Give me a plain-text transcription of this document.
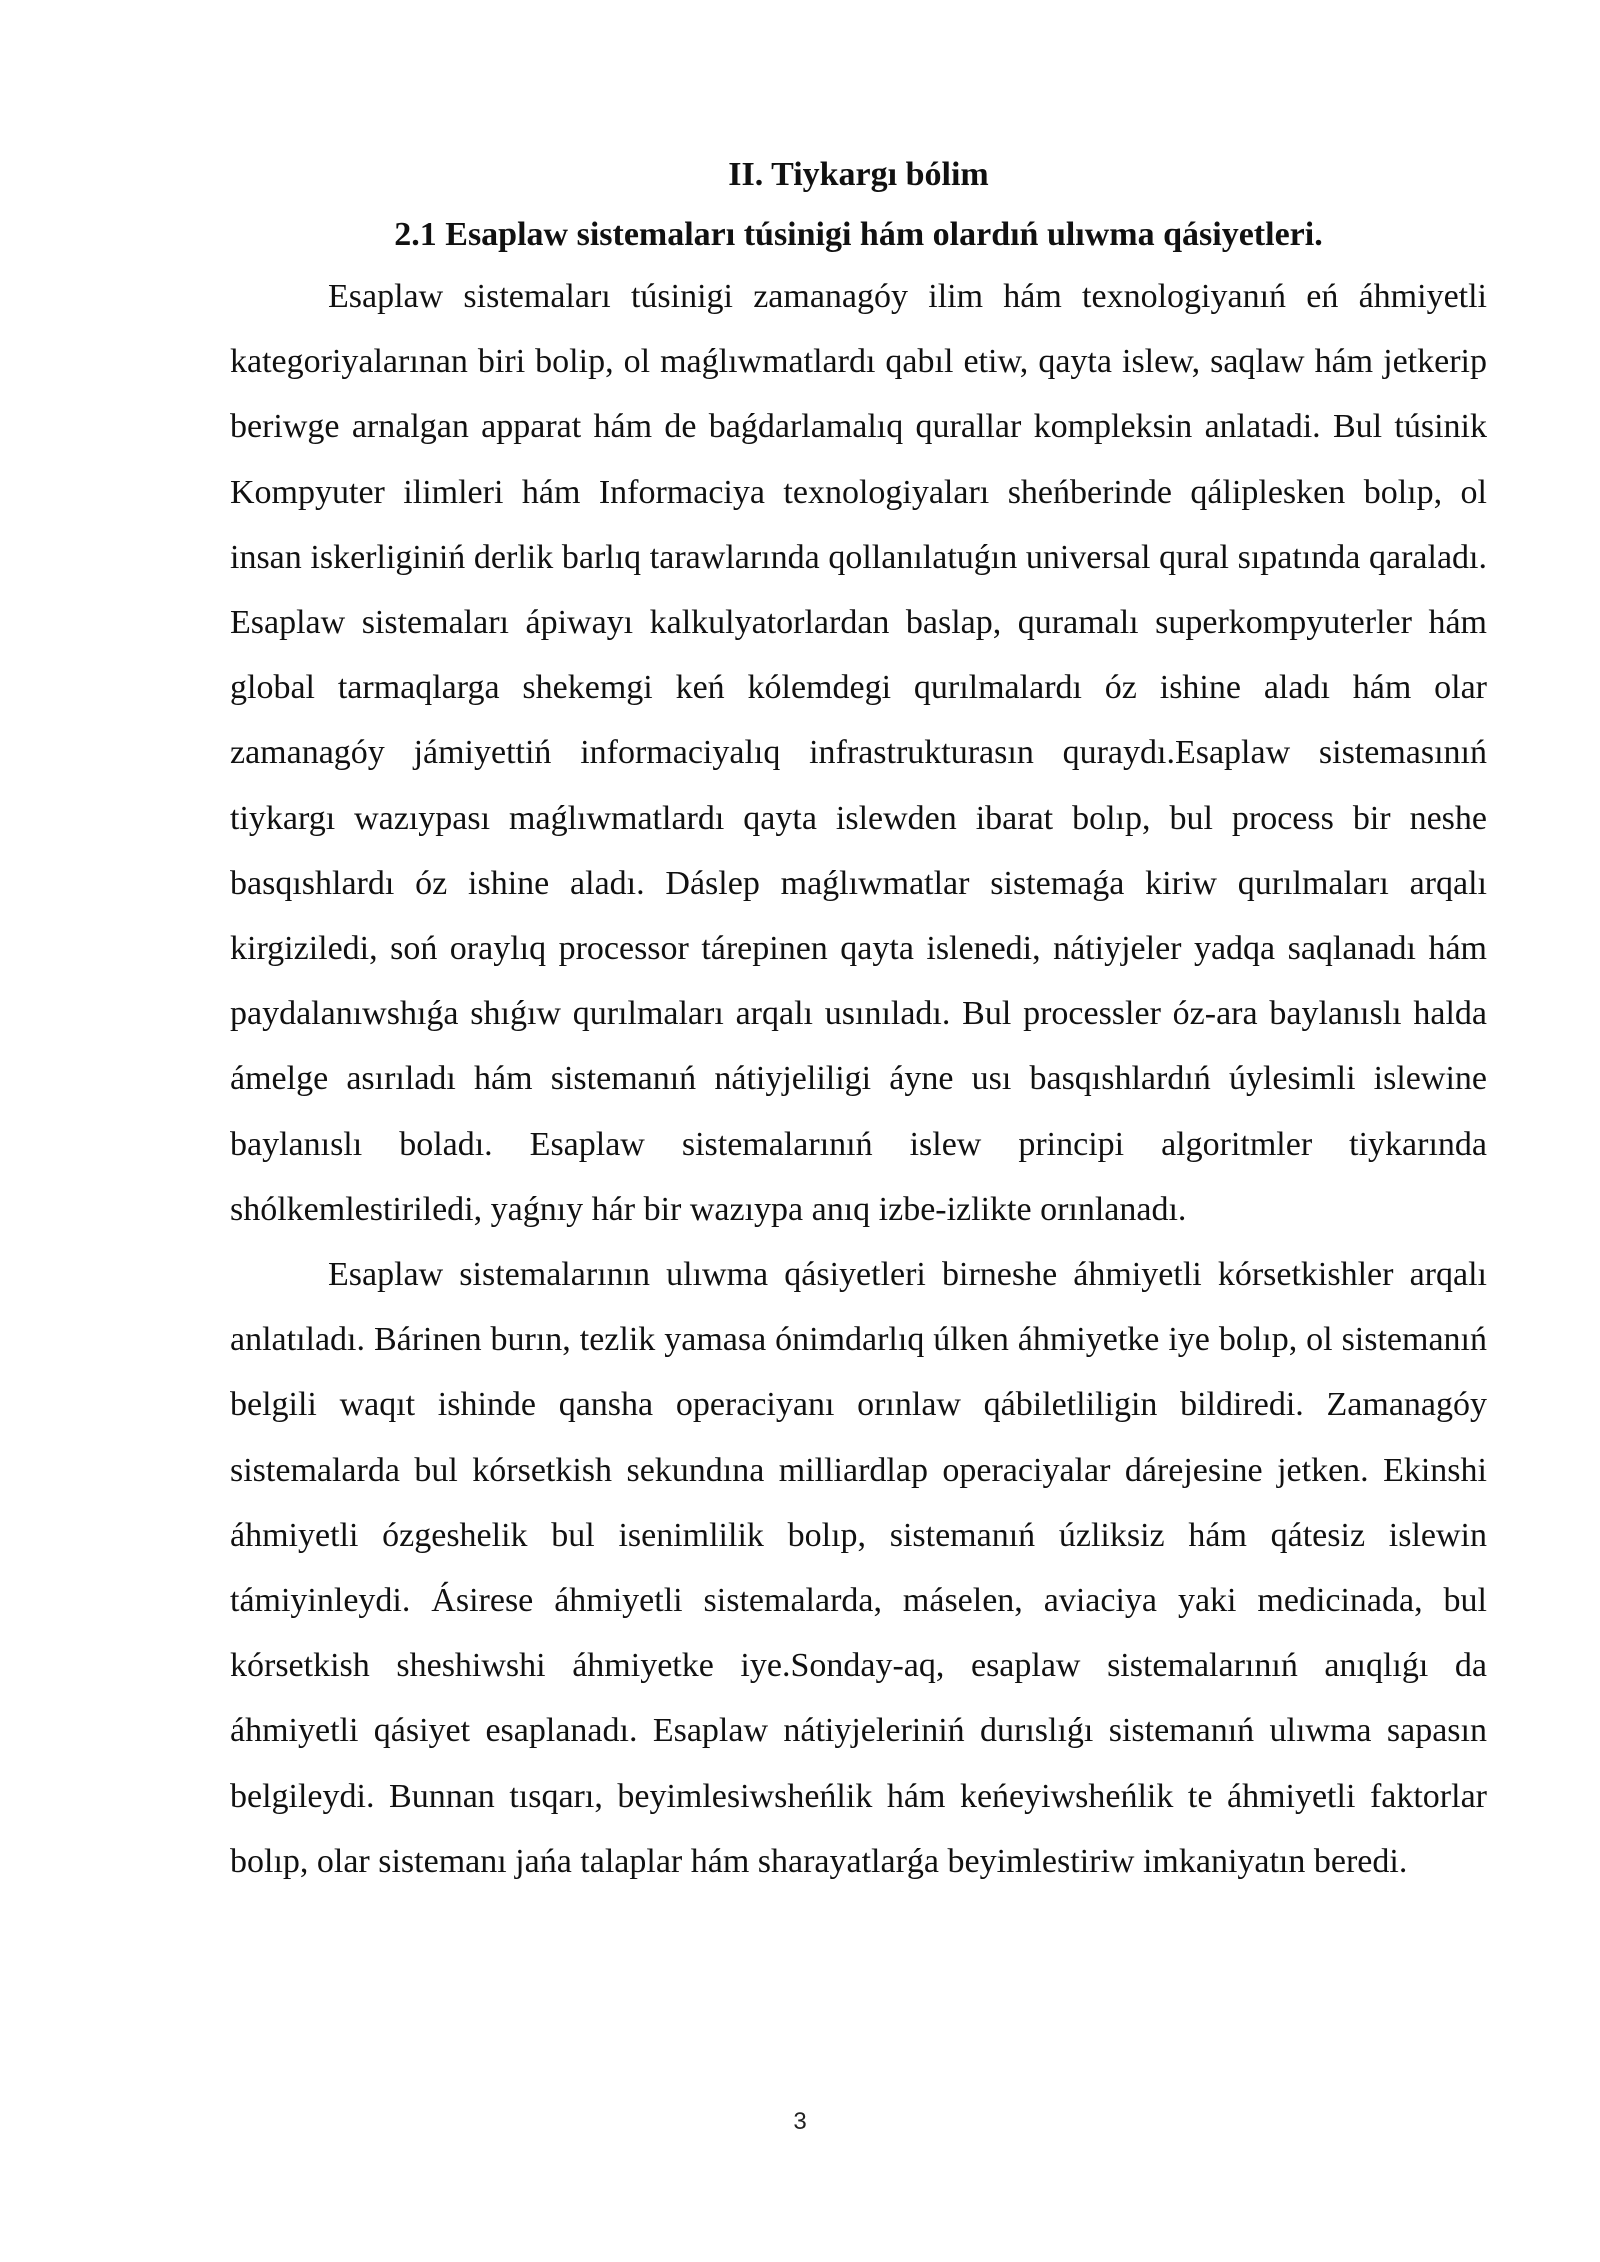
II. Tiykargı bólim

2.1 Esaplaw sistemaları túsinigi hám olardıń ulıwma qásiyetleri.

Esaplaw sistemaları túsinigi zamanagóy ilim hám texnologiyanıń eń áhmiyetli kategoriyalarınan biri bolip, ol maǵlıwmatlardı qabıl etiw, qayta islew, saqlaw hám jetkerip beriwge arnalgan apparat hám de baǵdarlamalıq qurallar kompleksin anlatadi. Bul túsinik Kompyuter ilimleri hám Informaciya texnologiyaları sheńberinde qáliplesken bolıp, ol insan iskerliginiń derlik barlıq tarawlarında qollanılatuǵın universal qural sıpatında qaraladı. Esaplaw sistemaları ápiwayı kalkulyatorlardan baslap, quramalı superkompyuterler hám global tarmaqlarga shekemgi keń kólemdegi qurılmalardı óz ishine aladı hám olar zamanagóy jámiyettiń informaciyalıq infrastrukturasın quraydı.Esaplaw sistemasınıń tiykargı wazıypası maǵlıwmatlardı qayta islewden ibarat bolıp, bul process bir neshe basqıshlardı óz ishine aladı. Dáslep maǵlıwmatlar sistemaǵa kiriw qurılmaları arqalı kirgiziledi, soń oraylıq processor tárepinen qayta islenedi, nátiyjeler yadqa saqlanadı hám paydalanıwshıǵa shıǵıw qurılmaları arqalı usınıladı. Bul processler óz-ara baylanıslı halda ámelge asırıladı hám sistemanıń nátiyjeliligi áyne usı basqıshlardıń úylesimli islewine baylanıslı boladı. Esaplaw sistemalarınıń islew principi algoritmler tiykarında shólkemlestiriledi, yaǵnıy hár bir wazıypa anıq izbe-izlikte orınlanadı.

Esaplaw sistemalarının ulıwma qásiyetleri birneshe áhmiyetli kórsetkishler arqalı anlatıladı. Bárinen burın, tezlik yamasa ónimdarlıq úlken áhmiyetke iye bolıp, ol sistemanıń belgili waqıt ishinde qansha operaciyanı orınlaw qábiletliligin bildiredi. Zamanagóy sistemalarda bul kórsetkish sekundına milliardlap operaciyalar dárejesine jetken. Ekinshi áhmiyetli ózgeshelik bul isenimlilik bolıp, sistemanıń úzliksiz hám qátesiz islewin támiyinleydi. Ásirese áhmiyetli sistemalarda, máselen, aviaciya yaki medicinada, bul kórsetkish sheshiwshi áhmiyetke iye.Sonday-aq, esaplaw sistemalarınıń anıqlıǵı da áhmiyetli qásiyet esaplanadı. Esaplaw nátiyjeleriniń durıslıǵı sistemanıń ulıwma sapasın belgileydi. Bunnan tısqarı, beyimlesiwsheńlik hám keńeyiwsheńlik te áhmiyetli faktorlar bolıp, olar sistemanı jańa talaplar hám sharayatlarǵa beyimlestiriw imkaniyatın beredi.

3
